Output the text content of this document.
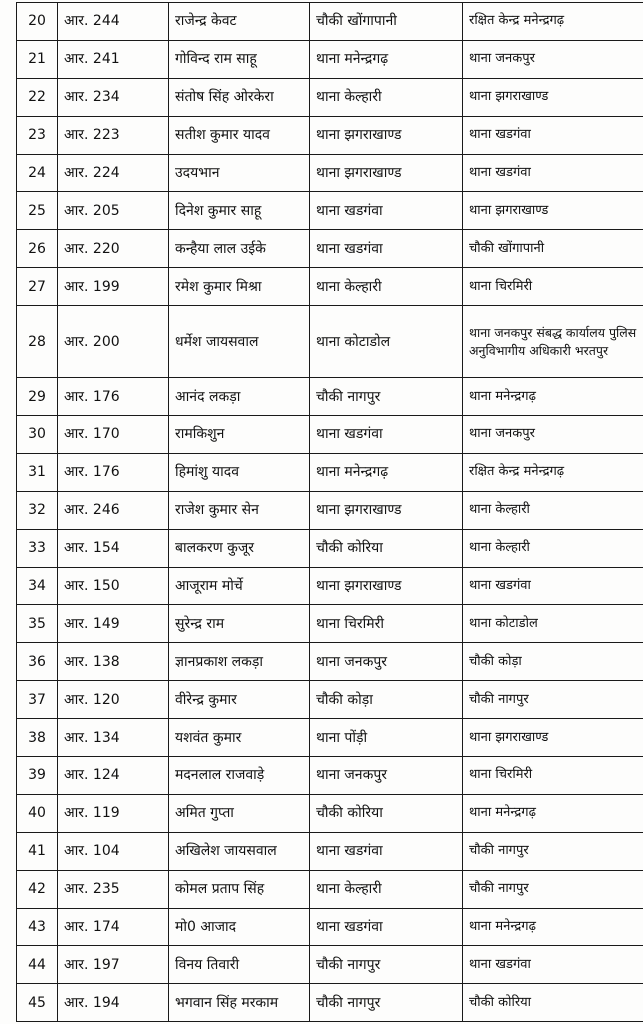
20	आर. 244	राजेन्द्र केवट	चौकी खोंगापानी	रक्षित केन्द्र मनेन्द्रगढ़
21	आर. 241	गोविन्द राम साहू	थाना मनेन्द्रगढ़	थाना जनकपुर
22	आर. 234	संतोष सिंह ओरकेरा	थाना केल्हारी	थाना झगराखाण्ड
23	आर. 223	सतीश कुमार यादव	थाना झगराखाण्ड	थाना खडगंवा
24	आर. 224	उदयभान	थाना झगराखाण्ड	थाना खडगंवा
25	आर. 205	दिनेश कुमार साहू	थाना खडगंवा	थाना झगराखाण्ड
26	आर. 220	कन्हैया लाल उईके	थाना खडगंवा	चौकी खोंगापानी
27	आर. 199	रमेश कुमार मिश्रा	थाना केल्हारी	थाना चिरमिरी
28	आर. 200	धर्मेश जायसवाल	थाना कोटाडोल	थाना जनकपुर संबद्ध कार्यालय पुलिस अनुविभागीय अधिकारी भरतपुर
29	आर. 176	आनंद लकड़ा	चौकी नागपुर	थाना मनेन्द्रगढ़
30	आर. 170	रामकिशुन	थाना खडगंवा	थाना जनकपुर
31	आर. 176	हिमांशु यादव	थाना मनेन्द्रगढ़	रक्षित केन्द्र मनेन्द्रगढ़
32	आर. 246	राजेश कुमार सेन	थाना झगराखाण्ड	थाना केल्हारी
33	आर. 154	बालकरण कुजूर	चौकी कोरिया	थाना केल्हारी
34	आर. 150	आजूराम मोर्चे	थाना झगराखाण्ड	थाना खडगंवा
35	आर. 149	सुरेन्द्र राम	थाना चिरमिरी	थाना कोटाडोल
36	आर. 138	ज्ञानप्रकाश लकड़ा	थाना जनकपुर	चौकी कोड़ा
37	आर. 120	वीरेन्द्र कुमार	चौकी कोड़ा	चौकी नागपुर
38	आर. 134	यशवंत कुमार	थाना पोंड़ी	थाना झगराखाण्ड
39	आर. 124	मदनलाल राजवाड़े	थाना जनकपुर	थाना चिरमिरी
40	आर. 119	अमित गुप्ता	चौकी कोरिया	थाना मनेन्द्रगढ़
41	आर. 104	अखिलेश जायसवाल	थाना खडगंवा	चौकी नागपुर
42	आर. 235	कोमल प्रताप सिंह	थाना केल्हारी	चौकी नागपुर
43	आर. 174	मो0 आजाद	थाना खडगंवा	थाना मनेन्द्रगढ़
44	आर. 197	विनय तिवारी	चौकी नागपुर	थाना खडगंवा
45	आर. 194	भगवान सिंह मरकाम	चौकी नागपुर	चौकी कोरिया
